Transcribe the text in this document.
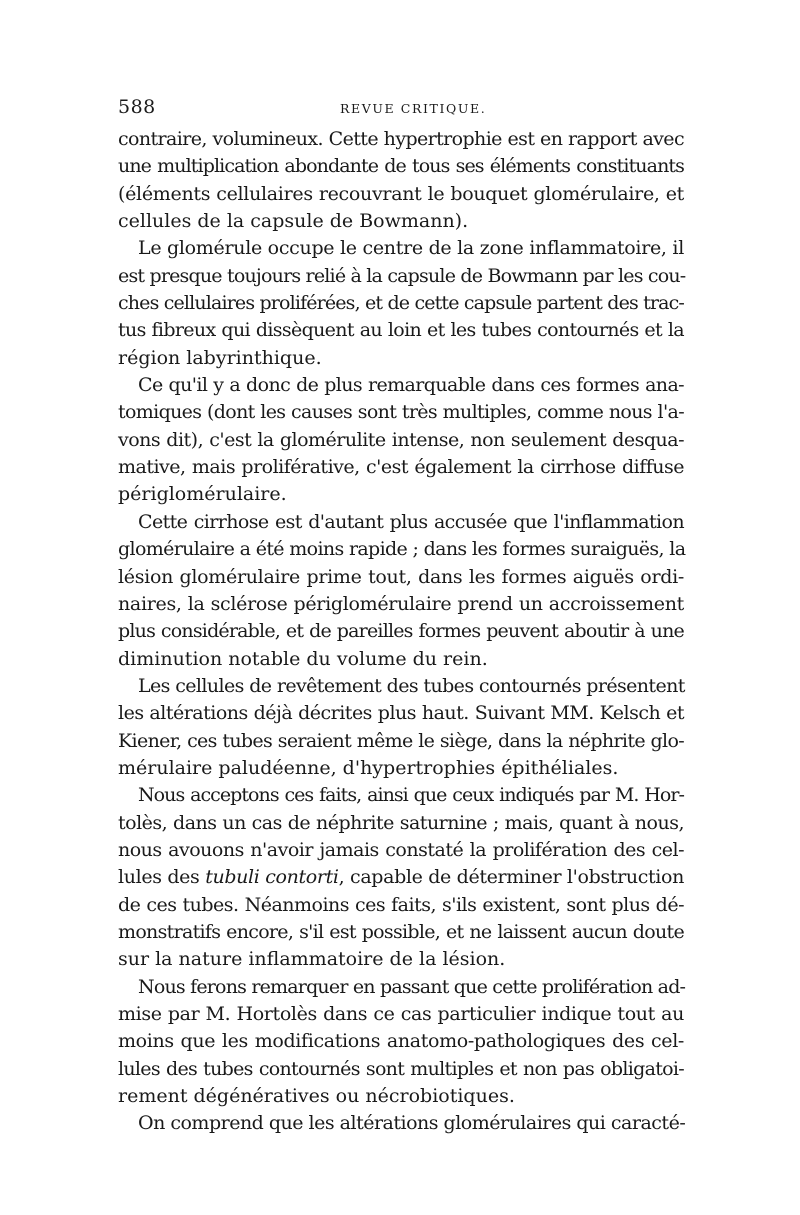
588	REVUE CRITIQUE.
contraire, volumineux. Cette hypertrophie est en rapport avec
une multiplication abondante de tous ses éléments constituants
(éléments cellulaires recouvrant le bouquet glomérulaire, et
cellules de la capsule de Bowmann).
Le glomérule occupe le centre de la zone inflammatoire, il
est presque toujours relié à la capsule de Bowmann par les cou-
ches cellulaires proliférées, et de cette capsule partent des trac-
tus fibreux qui dissèquent au loin et les tubes contournés et la
région labyrinthique.
Ce qu'il y a donc de plus remarquable dans ces formes ana-
tomiques (dont les causes sont très multiples, comme nous l'a-
vons dit), c'est la glomérulite intense, non seulement desqua-
mative, mais proliférative, c'est également la cirrhose diffuse
périglomérulaire.
Cette cirrhose est d'autant plus accusée que l'inflammation
glomérulaire a été moins rapide ; dans les formes suraiguës, la
lésion glomérulaire prime tout, dans les formes aiguës ordi-
naires, la sclérose périglomérulaire prend un accroissement
plus considérable, et de pareilles formes peuvent aboutir à une
diminution notable du volume du rein.
Les cellules de revêtement des tubes contournés présentent
les altérations déjà décrites plus haut. Suivant MM. Kelsch et
Kiener, ces tubes seraient même le siège, dans la néphrite glo-
mérulaire paludéenne, d'hypertrophies épithéliales.
Nous acceptons ces faits, ainsi que ceux indiqués par M. Hor-
tolès, dans un cas de néphrite saturnine ; mais, quant à nous,
nous avouons n'avoir jamais constaté la prolifération des cel-
lules des tubuli contorti, capable de déterminer l'obstruction
de ces tubes. Néanmoins ces faits, s'ils existent, sont plus dé-
monstratifs encore, s'il est possible, et ne laissent aucun doute
sur la nature inflammatoire de la lésion.
Nous ferons remarquer en passant que cette prolifération ad-
mise par M. Hortolès dans ce cas particulier indique tout au
moins que les modifications anatomo-pathologiques des cel-
lules des tubes contournés sont multiples et non pas obligatoi-
rement dégénératives ou nécrobiotiques.
On comprend que les altérations glomérulaires qui caracté-
